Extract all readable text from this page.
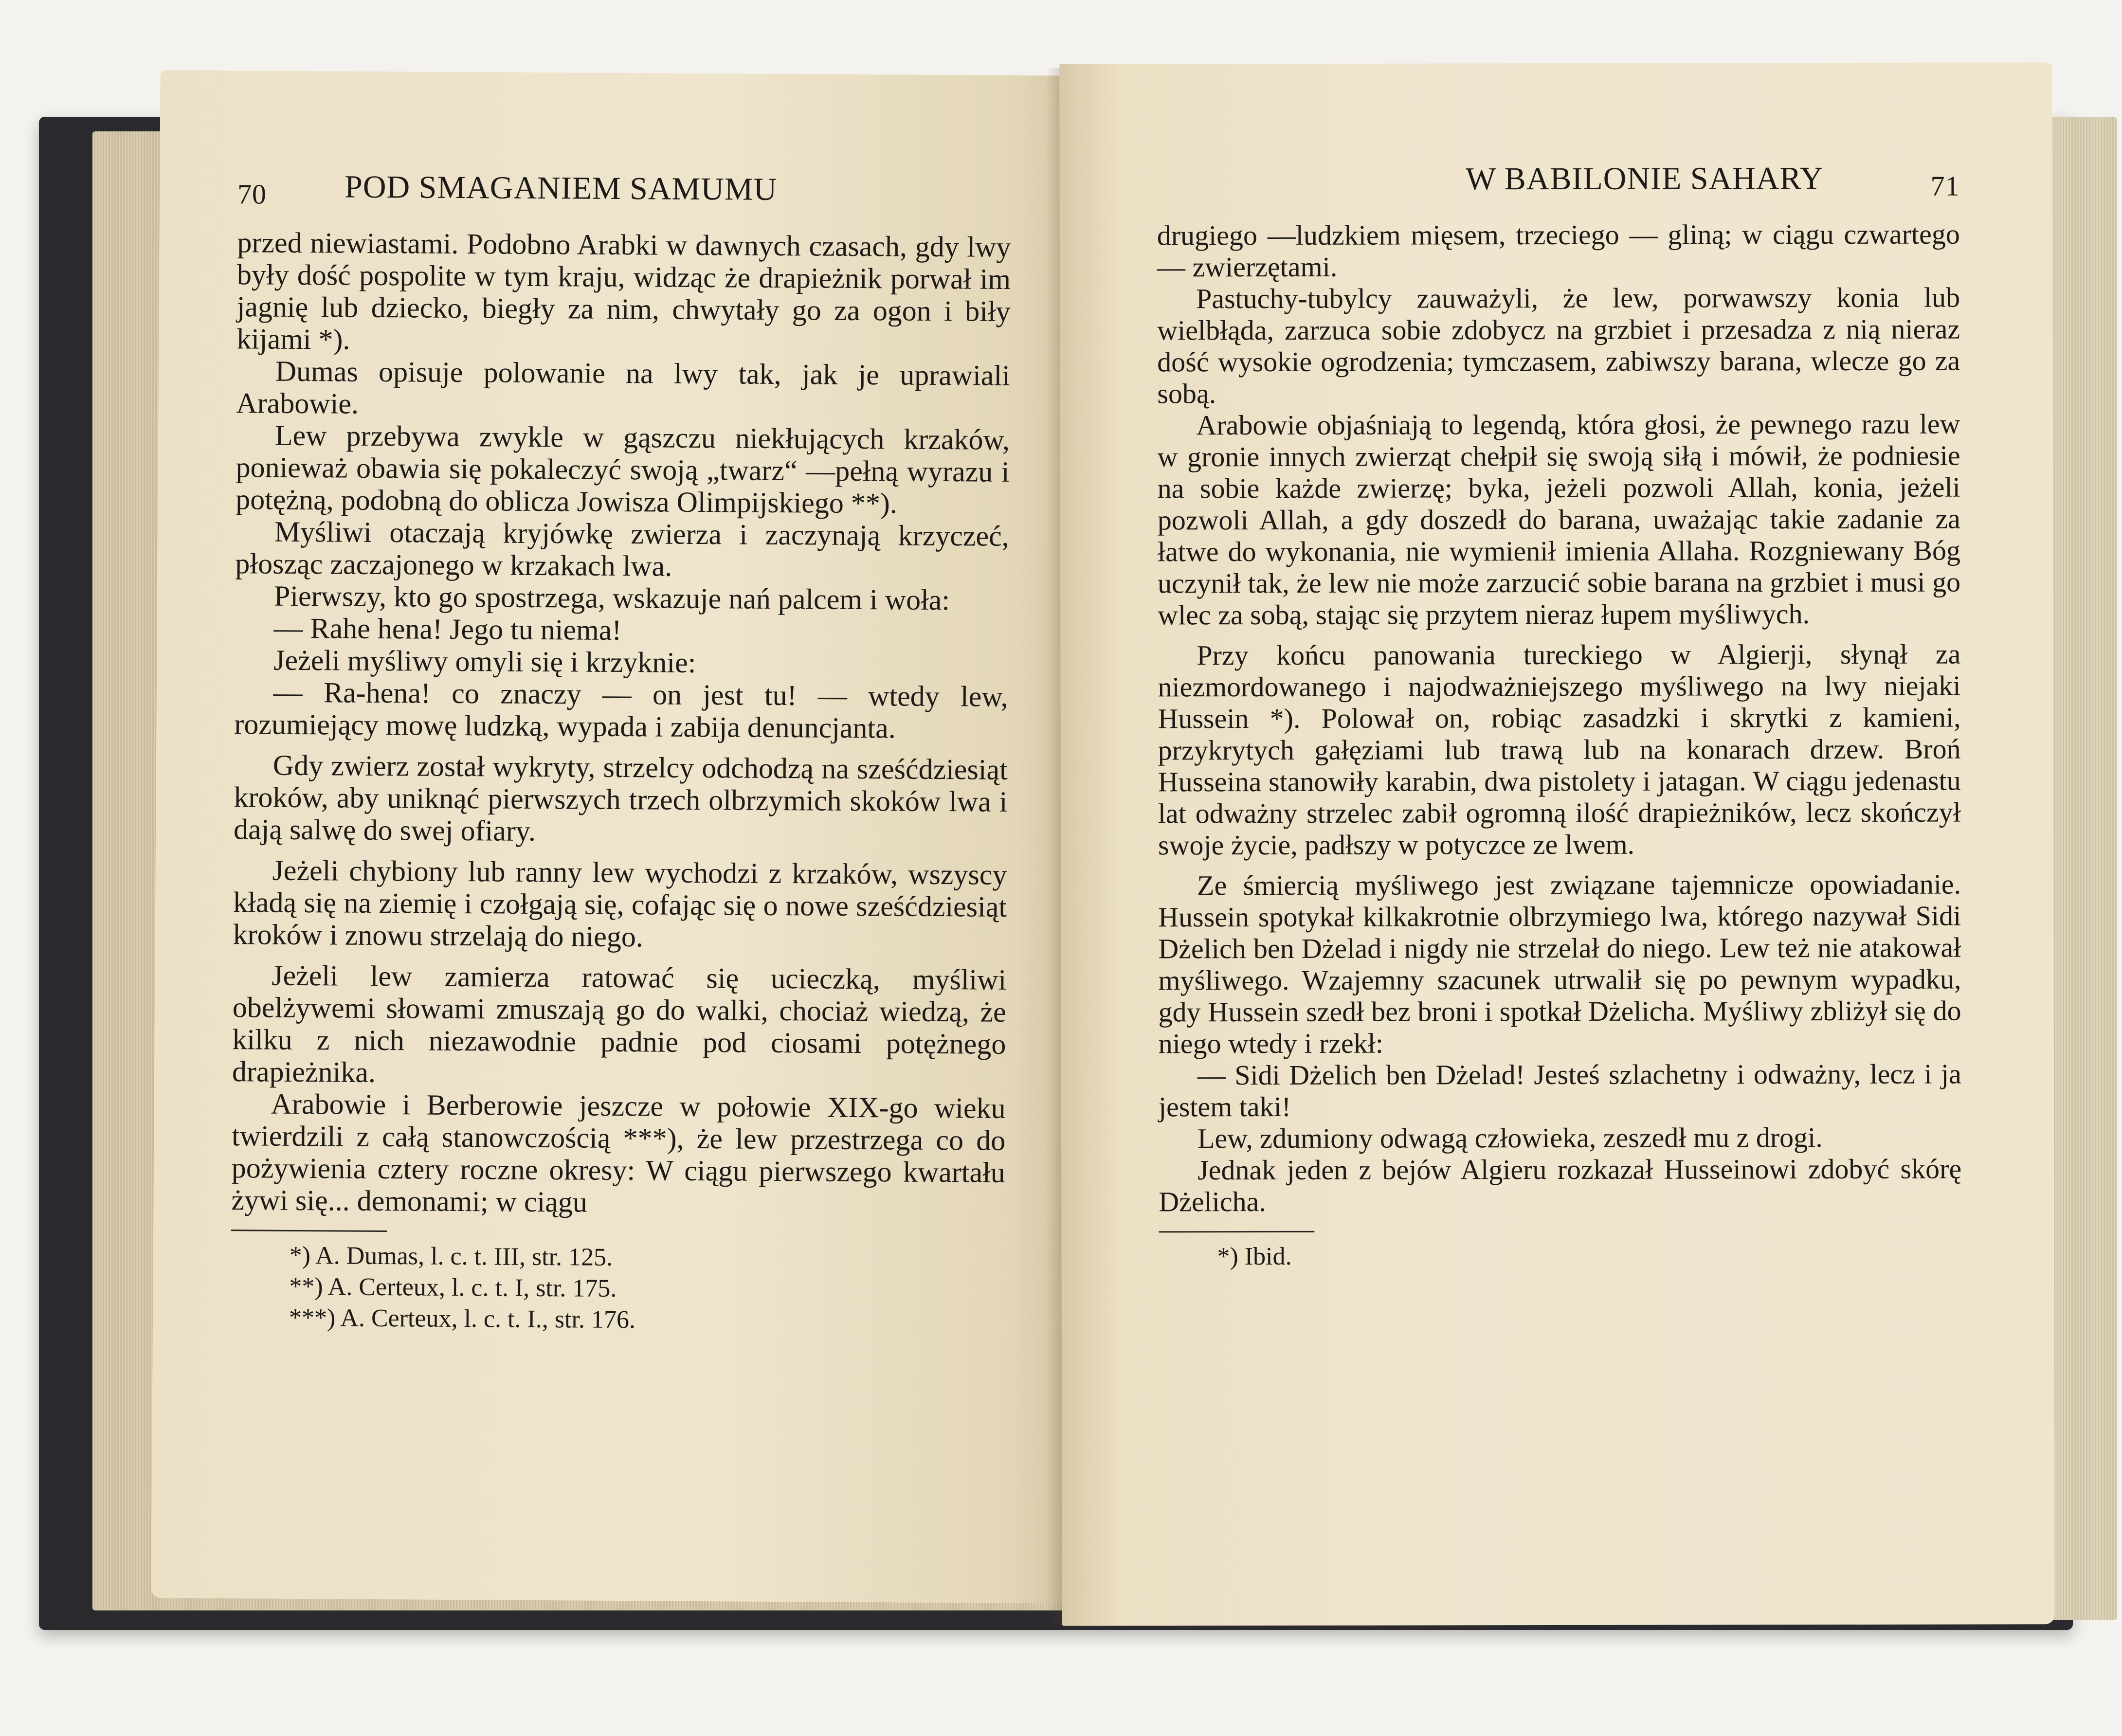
70 POD SMAGANIEM SAMUMU

przed niewiastami. Podobno Arabki w dawnych czasach, gdy lwy były dość pospolite w tym kraju, widząc że drapieżnik porwał im jagnię lub dziecko, biegły za nim, chwytały go za ogon i biły kijami *).

Dumas opisuje polowanie na lwy tak, jak je uprawiali Arabowie.

Lew przebywa zwykle w gąszczu niekłujących krzaków, ponieważ obawia się pokaleczyć swoją „twarz“ —pełną wyrazu i potężną, podobną do oblicza Jowisza Olimpijskiego **).

Myśliwi otaczają kryjówkę zwierza i zaczynają krzyczeć, płosząc zaczajonego w krzakach lwa.

Pierwszy, kto go spostrzega, wskazuje nań palcem i woła:

— Rahe hena! Jego tu niema!

Jeżeli myśliwy omyli się i krzyknie:

— Ra-hena! co znaczy — on jest tu! — wtedy lew, rozumiejący mowę ludzką, wypada i zabija denuncjanta.

Gdy zwierz został wykryty, strzelcy odchodzą na sześćdziesiąt kroków, aby uniknąć pierwszych trzech olbrzymich skoków lwa i dają salwę do swej ofiary.

Jeżeli chybiony lub ranny lew wychodzi z krzaków, wszyscy kładą się na ziemię i czołgają się, cofając się o nowe sześćdziesiąt kroków i znowu strzelają do niego.

Jeżeli lew zamierza ratować się ucieczką, myśliwi obelżywemi słowami zmuszają go do walki, chociaż wiedzą, że kilku z nich niezawodnie padnie pod ciosami potężnego drapieżnika.

Arabowie i Berberowie jeszcze w połowie XIX-go wieku twierdzili z całą stanowczością ***), że lew przestrzega co do pożywienia cztery roczne okresy: W ciągu pierwszego kwartału żywi się... demonami; w ciągu

*) A. Dumas, l. c. t. III, str. 125.
**) A. Certeux, l. c. t. I, str. 175.
***) A. Certeux, l. c. t. I., str. 176.
W BABILONIE SAHARY	71

drugiego —ludzkiem mięsem, trzeciego — gliną; w ciągu czwartego — zwierzętami.

Pastuchy-tubylcy zauważyli, że lew, porwawszy konia lub wielbłąda, zarzuca sobie zdobycz na grzbiet i przesadza z nią nieraz dość wysokie ogrodzenia; tymczasem, zabiwszy barana, wlecze go za sobą.

Arabowie objaśniają to legendą, która głosi, że pewnego razu lew w gronie innych zwierząt chełpił się swoją siłą i mówił, że podniesie na sobie każde zwierzę; byka, jeżeli pozwoli Allah, konia, jeżeli pozwoli Allah, a gdy doszedł do barana, uważając takie zadanie za łatwe do wykonania, nie wymienił imienia Allaha. Rozgniewany Bóg uczynił tak, że lew nie może zarzucić sobie barana na grzbiet i musi go wlec za sobą, stając się przytem nieraz łupem myśliwych.

Przy końcu panowania tureckiego w Algierji, słynął za niezmordowanego i najodważniejszego myśliwego na lwy niejaki Hussein *). Polował on, robiąc zasadzki i skrytki z kamieni, przykrytych gałęziami lub trawą lub na konarach drzew. Broń Husseina stanowiły karabin, dwa pistolety i jatagan. W ciągu jedenastu lat odważny strzelec zabił ogromną ilość drapieżników, lecz skończył swoje życie, padłszy w potyczce ze lwem.

Ze śmiercią myśliwego jest związane tajemnicze opowiadanie. Hussein spotykał kilkakrotnie olbrzymiego lwa, którego nazywał Sidi Dżelich ben Dżelad i nigdy nie strzelał do niego. Lew też nie atakował myśliwego. Wzajemny szacunek utrwalił się po pewnym wypadku, gdy Hussein szedł bez broni i spotkał Dżelicha. Myśliwy zbliżył się do niego wtedy i rzekł:

— Sidi Dżelich ben Dżelad! Jesteś szlachetny i odważny, lecz i ja jestem taki!

Lew, zdumiony odwagą człowieka, zeszedł mu z drogi.

Jednak jeden z bejów Algieru rozkazał Husseinowi zdobyć skórę Dżelicha.

*) Ibid.
